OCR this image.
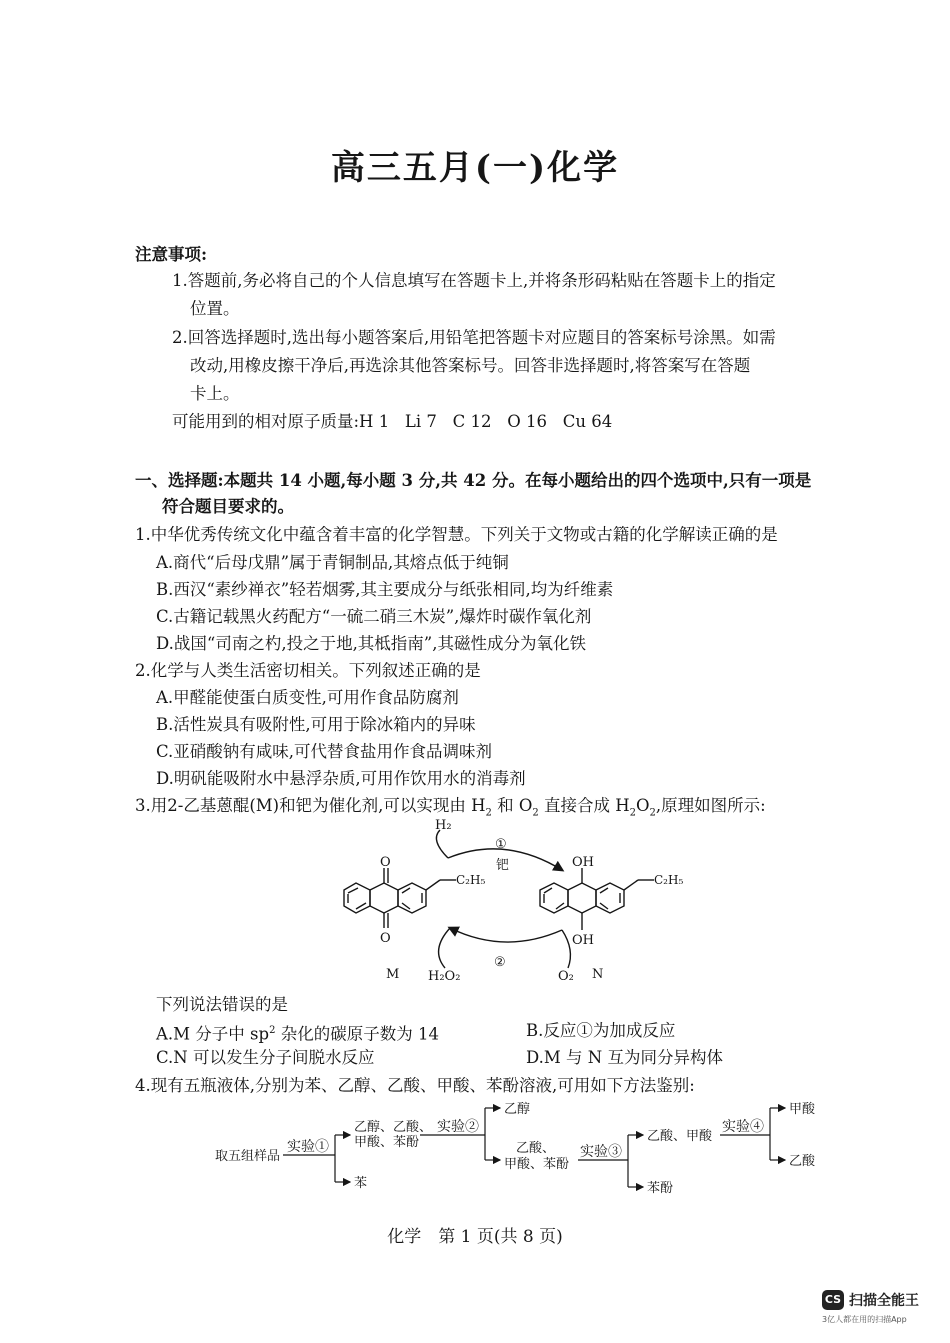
高三五月(一)化学
注意事项:
1.答题前,务必将自己的个人信息填写在答题卡上,并将条形码粘贴在答题卡上的指定
位置。
2.回答选择题时,选出每小题答案后,用铅笔把答题卡对应题目的答案标号涂黑。如需
改动,用橡皮擦干净后,再选涂其他答案标号。回答非选择题时,将答案写在答题
卡上。
可能用到的相对原子质量:H 1   Li 7   C 12   O 16   Cu 64
一、选择题:本题共 14 小题,每小题 3 分,共 42 分。在每小题给出的四个选项中,只有一项是
符合题目要求的。
1.中华优秀传统文化中蕴含着丰富的化学智慧。下列关于文物或古籍的化学解读正确的是
A.商代“后母戊鼎”属于青铜制品,其熔点低于纯铜
B.西汉“素纱禅衣”轻若烟雾,其主要成分与纸张相同,均为纤维素
C.古籍记载黑火药配方“一硫二硝三木炭”,爆炸时碳作氧化剂
D.战国“司南之杓,投之于地,其柢指南”,其磁性成分为氧化铁
2.化学与人类生活密切相关。下列叙述正确的是
A.甲醛能使蛋白质变性,可用作食品防腐剂
B.活性炭具有吸附性,可用于除冰箱内的异味
C.亚硝酸钠有咸味,可代替食盐用作食品调味剂
D.明矾能吸附水中悬浮杂质,可用作饮用水的消毒剂
3.用2-乙基蒽醌(M)和钯为催化剂,可以实现由 $H_2$ 和 $O_2$ 直接合成 $H_2O_2$,原理如图所示:
H₂
①
钯
O
O
C₂H₅
OH
OH
C₂H₅
②
M H₂O₂	O₂ N
下列说法错误的是
A.M 分子中 $sp^2$ 杂化的碳原子数为 14	B.反应①为加成反应
C.N 可以发生分子间脱水反应	D.M 与 N 互为同分异构体
4.现有五瓶液体,分别为苯、乙醇、乙酸、甲酸、苯酚溶液,可用如下方法鉴别:
取五组样品
实验①
乙醇、乙酸、
甲酸、苯酚
苯
实验②
乙醇
乙酸、
甲酸、苯酚
实验③
乙酸、甲酸
苯酚
实验④
甲酸
乙酸
化学　第 1 页(共 8 页)
CS 扫描全能王
3亿人都在用的扫描App
